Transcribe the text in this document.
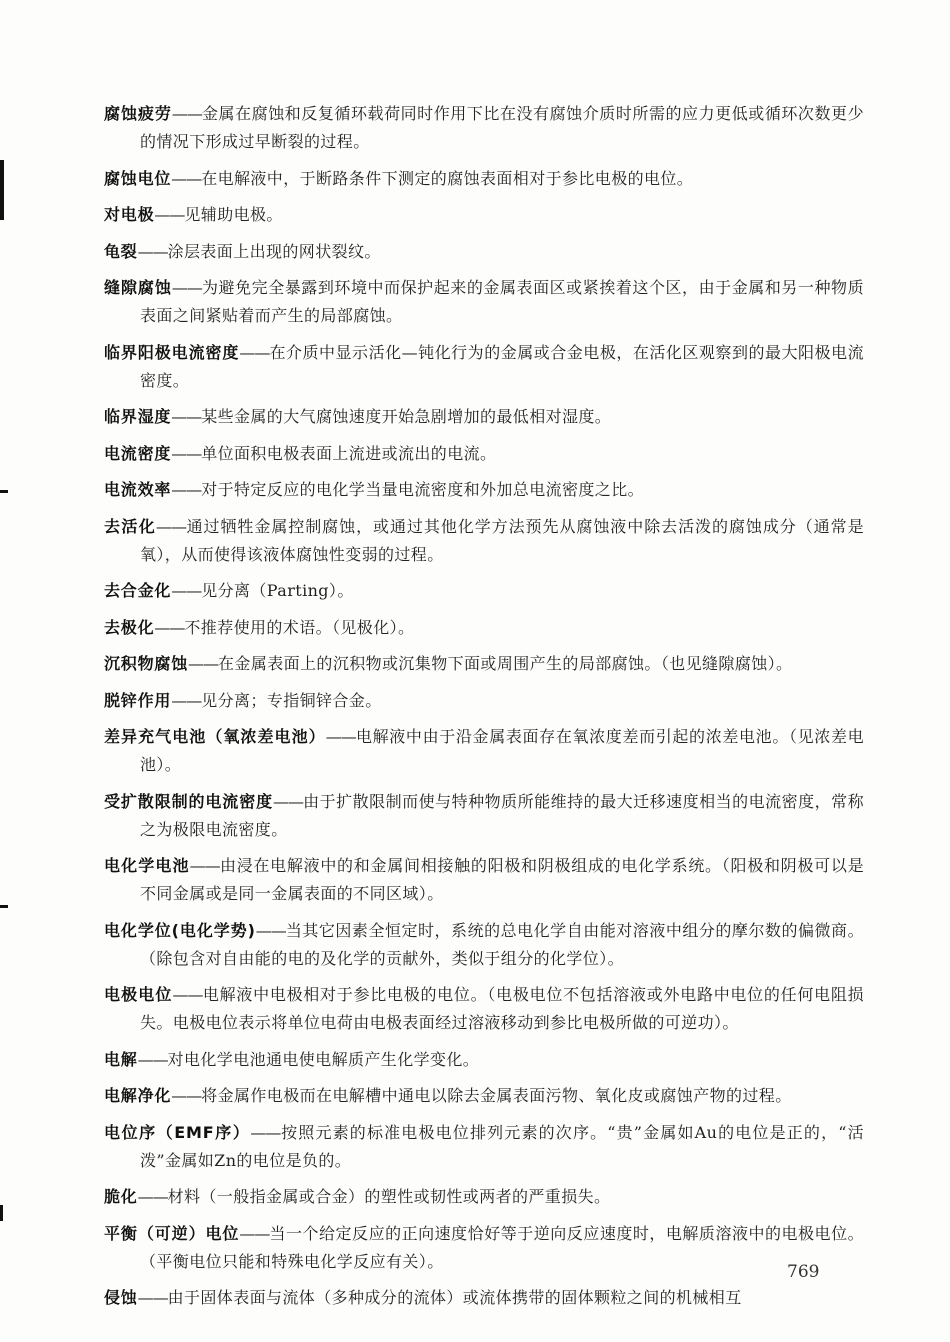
腐蚀疲劳——金属在腐蚀和反复循环载荷同时作用下比在没有腐蚀介质时所需的应力更低或循环次数更少的情况下形成过早断裂的过程。

腐蚀电位——在电解液中，于断路条件下测定的腐蚀表面相对于参比电极的电位。

对电极——见辅助电极。

龟裂——涂层表面上出现的网状裂纹。

缝隙腐蚀——为避免完全暴露到环境中而保护起来的金属表面区或紧挨着这个区，由于金属和另一种物质表面之间紧贴着而产生的局部腐蚀。

临界阳极电流密度——在介质中显示活化—钝化行为的金属或合金电极，在活化区观察到的最大阳极电流密度。

临界湿度——某些金属的大气腐蚀速度开始急剧增加的最低相对湿度。

电流密度——单位面积电极表面上流进或流出的电流。

电流效率——对于特定反应的电化学当量电流密度和外加总电流密度之比。

去活化——通过牺牲金属控制腐蚀，或通过其他化学方法预先从腐蚀液中除去活泼的腐蚀成分（通常是氧），从而使得该液体腐蚀性变弱的过程。

去合金化——见分离（Parting）。

去极化——不推荐使用的术语。（见极化）。

沉积物腐蚀——在金属表面上的沉积物或沉集物下面或周围产生的局部腐蚀。（也见缝隙腐蚀）。

脱锌作用——见分离；专指铜锌合金。

差异充气电池（氧浓差电池）——电解液中由于沿金属表面存在氧浓度差而引起的浓差电池。（见浓差电池）。

受扩散限制的电流密度——由于扩散限制而使与特种物质所能维持的最大迁移速度相当的电流密度，常称之为极限电流密度。

电化学电池——由浸在电解液中的和金属间相接触的阳极和阴极组成的电化学系统。（阳极和阴极可以是不同金属或是同一金属表面的不同区域）。

电化学位(电化学势)——当其它因素全恒定时，系统的总电化学自由能对溶液中组分的摩尔数的偏微商。（除包含对自由能的电的及化学的贡献外，类似于组分的化学位）。

电极电位——电解液中电极相对于参比电极的电位。（电极电位不包括溶液或外电路中电位的任何电阻损失。电极电位表示将单位电荷由电极表面经过溶液移动到参比电极所做的可逆功）。

电解——对电化学电池通电使电解质产生化学变化。

电解净化——将金属作电极而在电解槽中通电以除去金属表面污物、氧化皮或腐蚀产物的过程。

电位序（EMF序）——按照元素的标准电极电位排列元素的次序。“贵”金属如Au的电位是正的，“活泼”金属如Zn的电位是负的。

脆化——材料（一般指金属或合金）的塑性或韧性或两者的严重损失。

平衡（可逆）电位——当一个给定反应的正向速度恰好等于逆向反应速度时，电解质溶液中的电极电位。（平衡电位只能和特殊电化学反应有关）。

侵蚀——由于固体表面与流体（多种成分的流体）或流体携带的固体颗粒之间的机械相互

769
